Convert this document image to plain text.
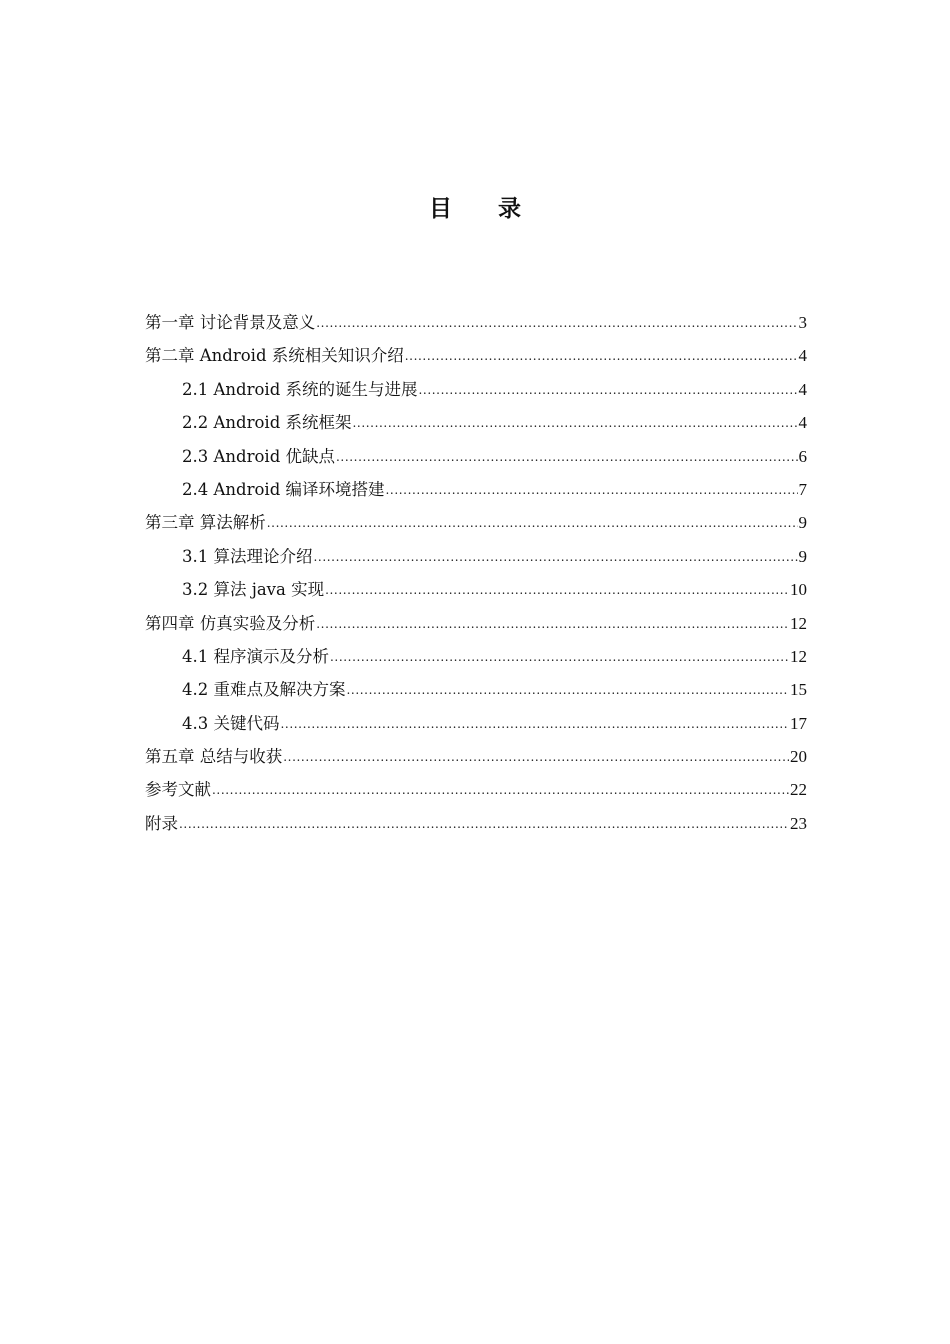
目 录
第一章 讨论背景及意义 .....	3
第二章 Android 系统相关知识介绍 .....	4
2.1 Android 系统的诞生与进展 .....	4
2.2 Android 系统框架 .....	4
2.3 Android 优缺点 .....	6
2.4 Android 编译环境搭建 .....	7
第三章 算法解析 .....	9
3.1 算法理论介绍 .....	9
3.2 算法 java 实现 .....	10
第四章 仿真实验及分析 .....	12
4.1 程序演示及分析 .....	12
4.2 重难点及解决方案 .....	15
4.3 关键代码 .....	17
第五章 总结与收获 .....	20
参考文献 .....	22
附录 .....	23
